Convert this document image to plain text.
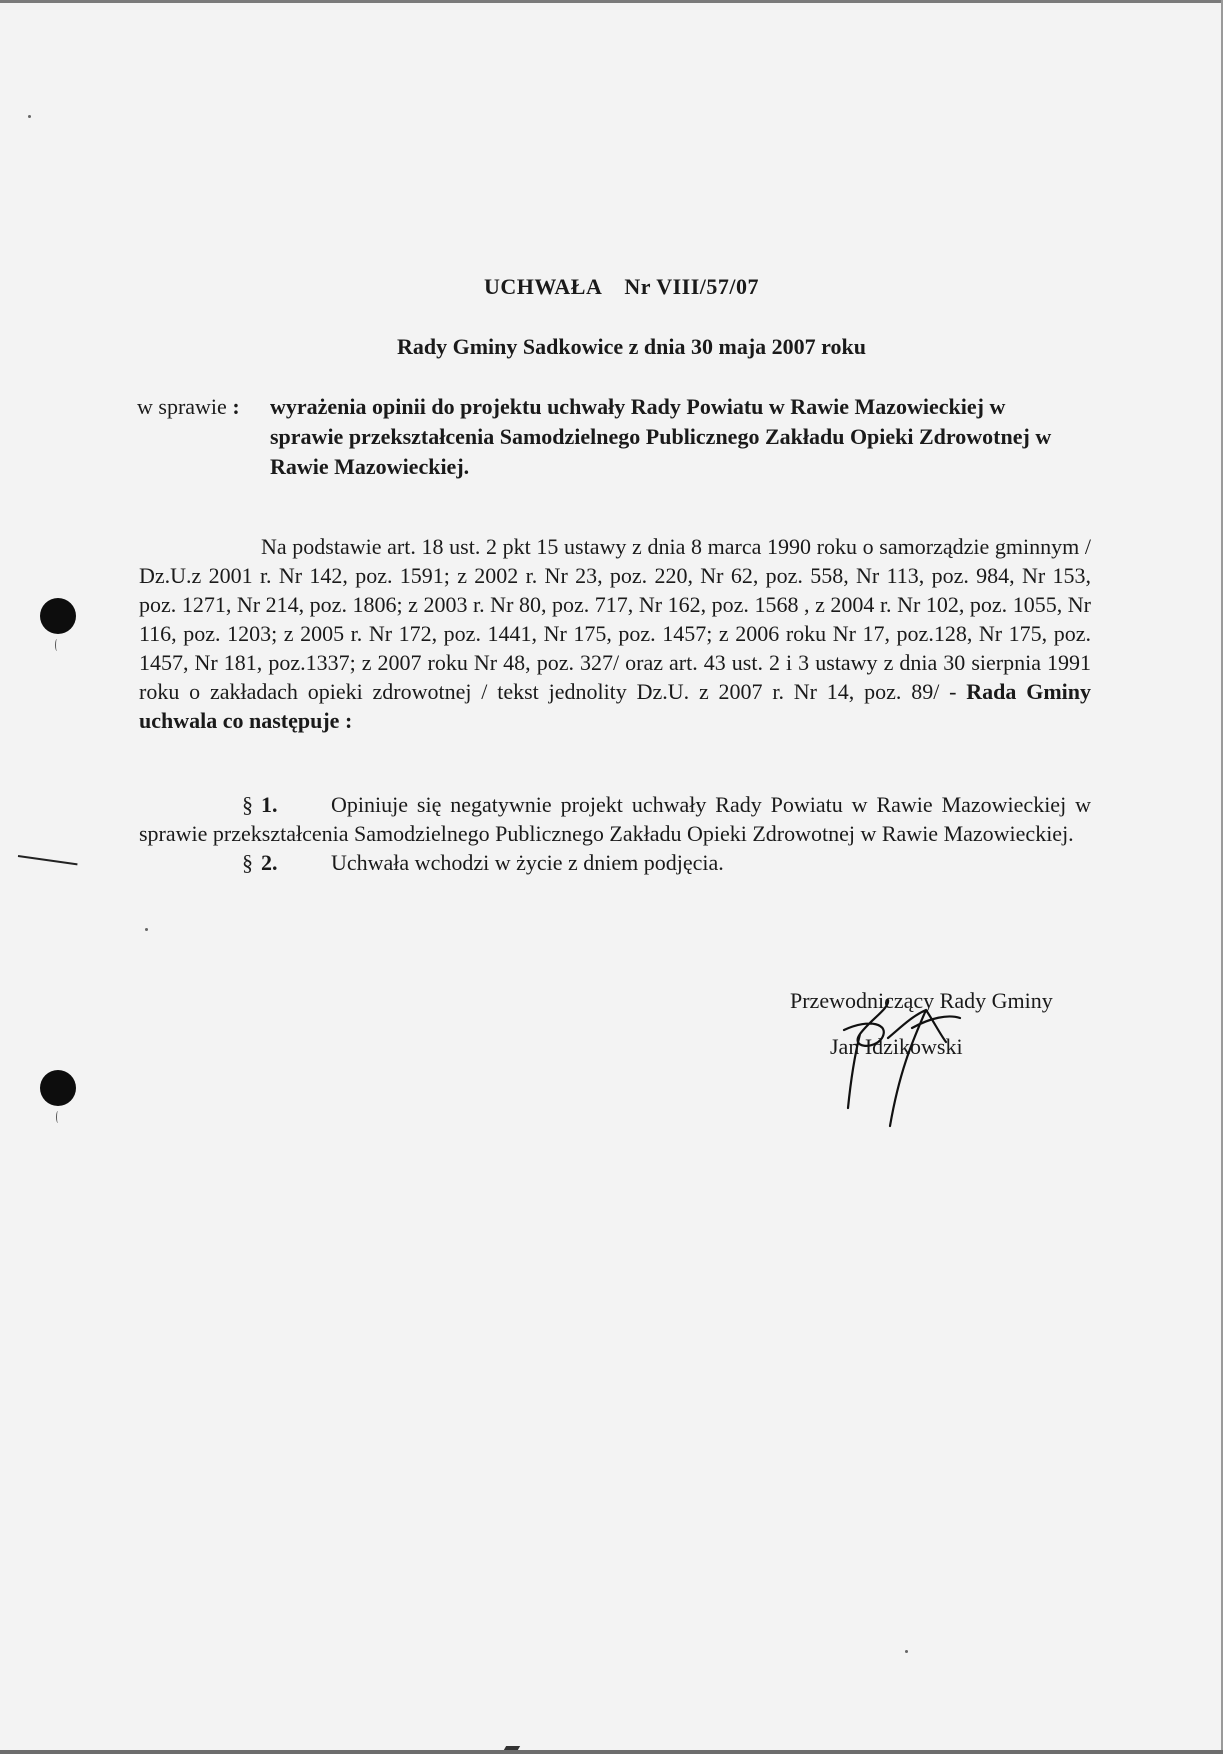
UCHWAŁA Nr VIII/57/07
Rady Gminy Sadkowice z dnia 30 maja 2007 roku
w sprawie : wyrażenia opinii do projektu uchwały Rady Powiatu w Rawie Mazowieckiej w sprawie przekształcenia Samodzielnego Publicznego Zakładu Opieki Zdrowotnej w Rawie Mazowieckiej.
Na podstawie art. 18 ust. 2 pkt 15 ustawy z dnia 8 marca 1990 roku o samorządzie gminnym / Dz.U.z 2001 r. Nr 142, poz. 1591; z 2002 r. Nr 23, poz. 220, Nr 62, poz. 558, Nr 113, poz. 984, Nr 153, poz. 1271, Nr 214, poz. 1806; z 2003 r. Nr 80, poz. 717, Nr 162, poz. 1568 , z 2004 r. Nr 102, poz. 1055, Nr 116, poz. 1203; z 2005 r. Nr 172, poz. 1441, Nr 175, poz. 1457; z 2006 roku Nr 17, poz.128, Nr 175, poz. 1457, Nr 181, poz.1337; z 2007 roku Nr 48, poz. 327/ oraz art. 43 ust. 2 i 3 ustawy z dnia 30 sierpnia 1991 roku o zakładach opieki zdrowotnej / tekst jednolity Dz.U. z 2007 r. Nr 14, poz. 89/ - Rada Gminy uchwala co następuje :
§ 1. Opiniuje się negatywnie projekt uchwały Rady Powiatu w Rawie Mazowieckiej w sprawie przekształcenia Samodzielnego Publicznego Zakładu Opieki Zdrowotnej w Rawie Mazowieckiej.
§ 2. Uchwała wchodzi w życie z dniem podjęcia.
Przewodniczący Rady Gminy
Jan Idzikowski
